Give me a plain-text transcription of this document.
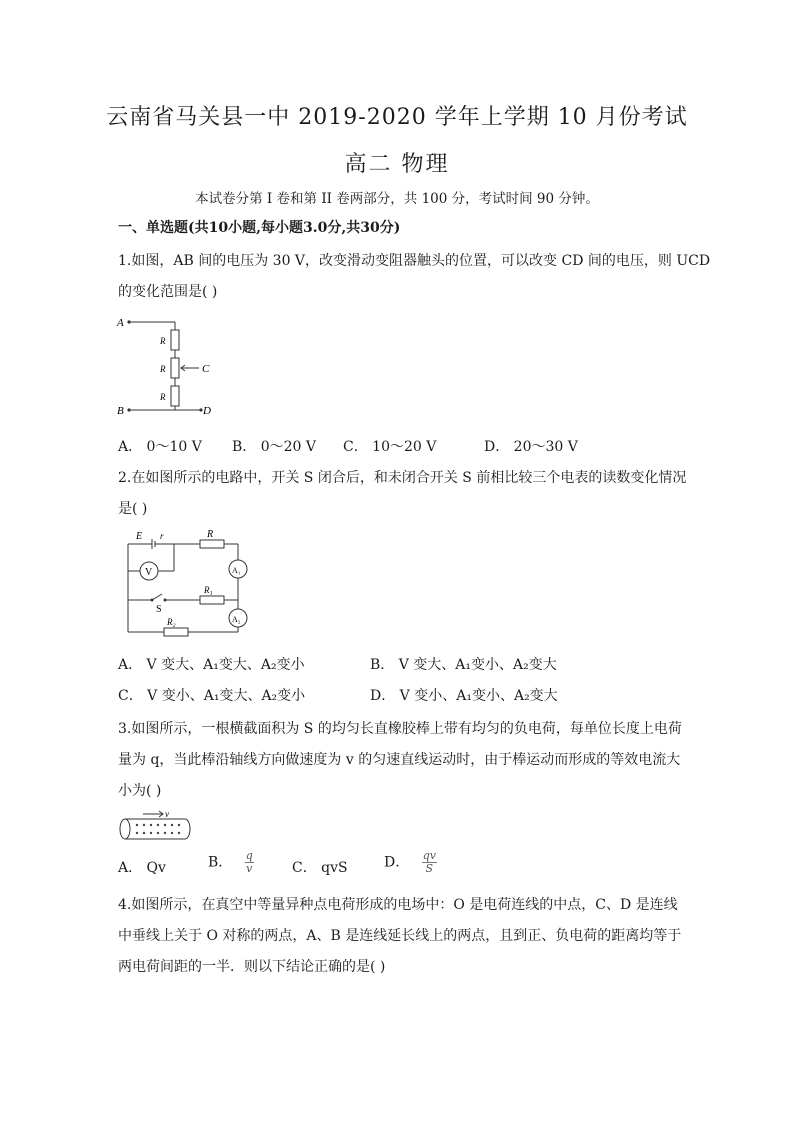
云南省马关县一中 2019-2020 学年上学期 10 月份考试
高二 物理
本试卷分第 I 卷和第 II 卷两部分，共 100 分，考试时间 90 分钟。
一、单选题(共10小题,每小题3.0分,共30分)
1.如图，AB 间的电压为 30 V，改变滑动变阻器触头的位置，可以改变 CD 间的电压，则 UCD
的变化范围是( )
A
B
C
D
R
R
R
A． 0～10 V B． 0～20 V C． 10～20 V	D． 20～30 V
2.在如图所示的电路中，开关 S 闭合后，和未闭合开关 S 前相比较三个电表的读数变化情况
是( )
E r	R
V	A₁
A₂
R₁
R₂
S
A． V 变大、A₁变大、A₂变小	B． V 变大、A₁变小、A₂变大
C． V 变小、A₁变大、A₂变小	D． V 变小、A₁变小、A₂变大
3.如图所示，一根横截面积为 S 的均匀长直橡胶棒上带有均匀的负电荷，每单位长度上电荷
量为 q，当此棒沿轴线方向做速度为 v 的匀速直线运动时，由于棒运动而形成的等效电流大
小为( )
v
A． Qv	B． $\frac{q}{v}$	C． qvS	D． $\frac{qv}{S}$
4.如图所示，在真空中等量异种点电荷形成的电场中：O 是电荷连线的中点，C、D 是连线
中垂线上关于 O 对称的两点，A、B 是连线延长线上的两点，且到正、负电荷的距离均等于
两电荷间距的一半．则以下结论正确的是( )
